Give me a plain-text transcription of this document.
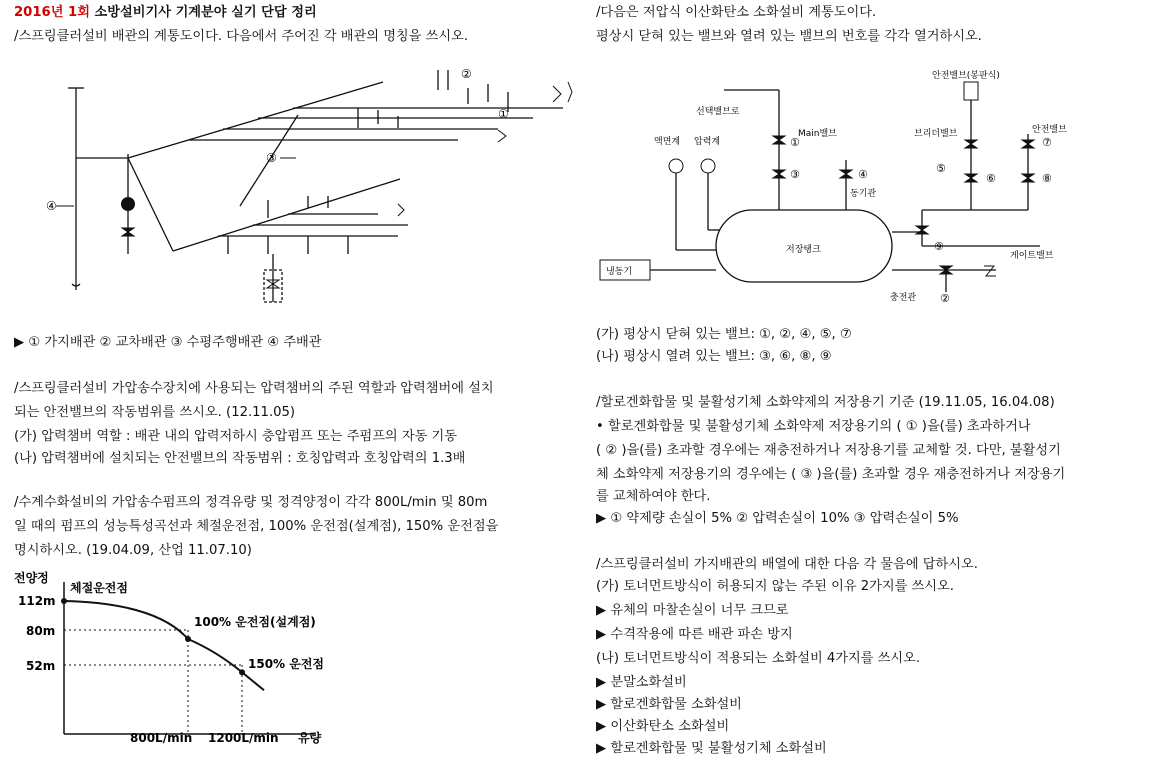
2016년 1회 소방설비기사 기계분야 실기 단답 정리
/스프링클러설비 배관의 계통도이다. 다음에서 주어진 각 배관의 명칭을 쓰시오.
①
②
③
④
▶ ① 가지배관 ② 교차배관 ③ 수평주행배관 ④ 주배관
/스프링클러설비 가압송수장치에 사용되는 압력챔버의 주된 역할과 압력챔버에 설치
되는 안전밸브의 작동범위를 쓰시오. (12.11.05)
(가) 압력챔버 역할 : 배관 내의 압력저하시 충압펌프 또는 주펌프의 자동 기동
(나) 압력챔버에 설치되는 안전밸브의 작동범위 : 호칭압력과 호칭압력의 1.3배
/수계수화설비의 가압송수펌프의 정격유량 및 정격양정이 각각 800L/min 및 80m
일 때의 펌프의 성능특성곡선과 체절운전점, 100% 운전점(설계점), 150% 운전점을
명시하시오. (19.04.09, 산업 11.07.10)
전양정
유량
112m
80m
52m
800L/min 1200L/min
체절운전점
100% 운전점(설계점)
150% 운전점
/다음은 저압식 이산화탄소 소화설비 계통도이다.
평상시 닫혀 있는 밸브와 열려 있는 밸브의 번호를 각각 열거하시오.
안전밸브(봉판식)
선택밸브로
Main밸브
액면계 압력계
브리더밸브	안전밸브
동기관
저장탱크
게이트밸브
냉동기
충전관
①
②
③	④	⑤
⑥
⑦
⑧
⑨
(가) 평상시 닫혀 있는 밸브: ①, ②, ④, ⑤, ⑦
(나) 평상시 열려 있는 밸브: ③, ⑥, ⑧, ⑨
/할로겐화합물 및 불활성기체 소화약제의 저장용기 기준 (19.11.05, 16.04.08)
• 할로겐화합물 및 불활성기체 소화약제 저장용기의 ( ① )을(를) 초과하거나
( ② )을(를) 초과할 경우에는 재충전하거나 저장용기를 교체할 것. 다만, 불활성기
체 소화약제 저장용기의 경우에는 ( ③ )을(를) 초과할 경우 재충전하거나 저장용기
를 교체하여야 한다.
▶ ① 약제량 손실이 5% ② 압력손실이 10% ③ 압력손실이 5%
/스프링클러설비 가지배관의 배열에 대한 다음 각 물음에 답하시오.
(가) 토너먼트방식이 허용되지 않는 주된 이유 2가지를 쓰시오.
▶ 유체의 마찰손실이 너무 크므로
▶ 수격작용에 따른 배관 파손 방지
(나) 토너먼트방식이 적용되는 소화설비 4가지를 쓰시오.
▶ 분말소화설비
▶ 할로겐화합물 소화설비
▶ 이산화탄소 소화설비
▶ 할로겐화합물 및 불활성기체 소화설비
